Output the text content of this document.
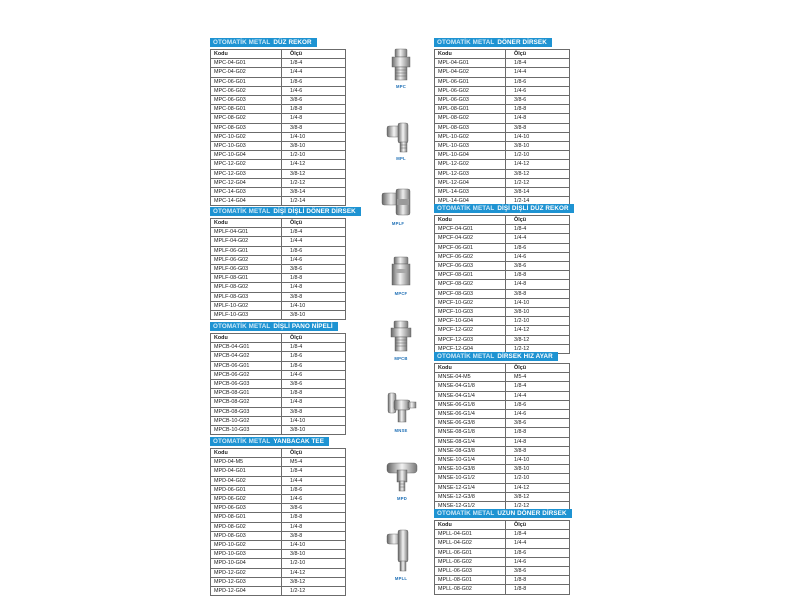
OTOMATİK METAL DÜZ REKOR
Kodu	Ölçü
MPC-04-G01	1/8-4
MPC-04-G02	1/4-4
MPC-06-G01	1/8-6
MPC-06-G02	1/4-6
MPC-06-G03	3/8-6
MPC-08-G01	1/8-8
MPC-08-G02	1/4-8
MPC-08-G03	3/8-8
MPC-10-G02	1/4-10
MPC-10-G03	3/8-10
MPC-10-G04	1/2-10
MPC-12-G02	1/4-12
MPC-12-G03	3/8-12
MPC-12-G04	1/2-12
MPC-14-G03	3/8-14
MPC-14-G04	1/2-14
OTOMATİK METAL DİŞİ DİŞLİ DÖNER DİRSEK
Kodu	Ölçü
MPLF-04-G01	1/8-4
MPLF-04-G02	1/4-4
MPLF-06-G01	1/8-6
MPLF-06-G02	1/4-6
MPLF-06-G03	3/8-6
MPLF-08-G01	1/8-8
MPLF-08-G02	1/4-8
MPLF-08-G03	3/8-8
MPLF-10-G02	1/4-10
MPLF-10-G03	3/8-10
OTOMATİK METAL DİŞLİ PANO NİPELİ
Kodu	Ölçü
MPCB-04-G01	1/8-4
MPCB-04-G02	1/8-6
MPCB-06-G01	1/8-6
MPCB-06-G02	1/4-6
MPCB-06-G03	3/8-6
MPCB-08-G01	1/8-8
MPCB-08-G02	1/4-8
MPCB-08-G03	3/8-8
MPCB-10-G02	1/4-10
MPCB-10-G03	3/8-10
OTOMATİK METAL YANBACAK TEE
Kodu	Ölçü
MPD-04-M5	M5-4
MPD-04-G01	1/8-4
MPD-04-G02	1/4-4
MPD-06-G01	1/8-6
MPD-06-G02	1/4-6
MPD-06-G03	3/8-6
MPD-08-G01	1/8-8
MPD-08-G02	1/4-8
MPD-08-G03	3/8-8
MPD-10-G02	1/4-10
MPD-10-G03	3/8-10
MPD-10-G04	1/2-10
MPD-12-G02	1/4-12
MPD-12-G03	3/8-12
MPD-12-G04	1/2-12
OTOMATİK METAL DÖNER DİRSEK
Kodu	Ölçü
MPL-04-G01	1/8-4
MPL-04-G02	1/4-4
MPL-06-G01	1/8-6
MPL-06-G02	1/4-6
MPL-06-G03	3/8-6
MPL-08-G01	1/8-8
MPL-08-G02	1/4-8
MPL-08-G03	3/8-8
MPL-10-G02	1/4-10
MPL-10-G03	3/8-10
MPL-10-G04	1/2-10
MPL-12-G02	1/4-12
MPL-12-G03	3/8-12
MPL-12-G04	1/2-12
MPL-14-G03	3/8-14
MPL-14-G04	1/2-14
OTOMATİK METAL DİŞİ DİŞLİ DÜZ REKOR
Kodu	Ölçü
MPCF-04-G01	1/8-4
MPCF-04-G02	1/4-4
MPCF-06-G01	1/8-6
MPCF-06-G02	1/4-6
MPCF-06-G03	3/8-6
MPCF-08-G01	1/8-8
MPCF-08-G02	1/4-8
MPCF-08-G03	3/8-8
MPCF-10-G02	1/4-10
MPCF-10-G03	3/8-10
MPCF-10-G04	1/2-10
MPCF-12-G02	1/4-12
MPCF-12-G03	3/8-12
MPCF-12-G04	1/2-12
OTOMATİK METAL DİRSEK HIZ AYAR
Kodu	Ölçü
MNSE-04-M5	M5-4
MNSE-04-G1/8	1/8-4
MNSE-04-G1/4	1/4-4
MNSE-06-G1/8	1/8-6
MNSE-06-G1/4	1/4-6
MNSE-06-G3/8	3/8-6
MNSE-08-G1/8	1/8-8
MNSE-08-G1/4	1/4-8
MNSE-08-G3/8	3/8-8
MNSE-10-G1/4	1/4-10
MNSE-10-G3/8	3/8-10
MNSE-10-G1/2	1/2-10
MNSE-12-G1/4	1/4-12
MNSE-12-G3/8	3/8-12
MNSE-12-G1/2	1/2-12
OTOMATİK METAL UZUN DÖNER DİRSEK
Kodu	Ölçü
MPLL-04-G01	1/8-4
MPLL-04-G02	1/4-4
MPLL-06-G01	1/8-6
MPLL-06-G02	1/4-6
MPLL-06-G03	3/8-6
MPLL-08-G01	1/8-8
MPLL-08-G02	1/8-8
MPC
MPL
MPLF
MPCF
MPCB
MNSE
MPD
MPLL
